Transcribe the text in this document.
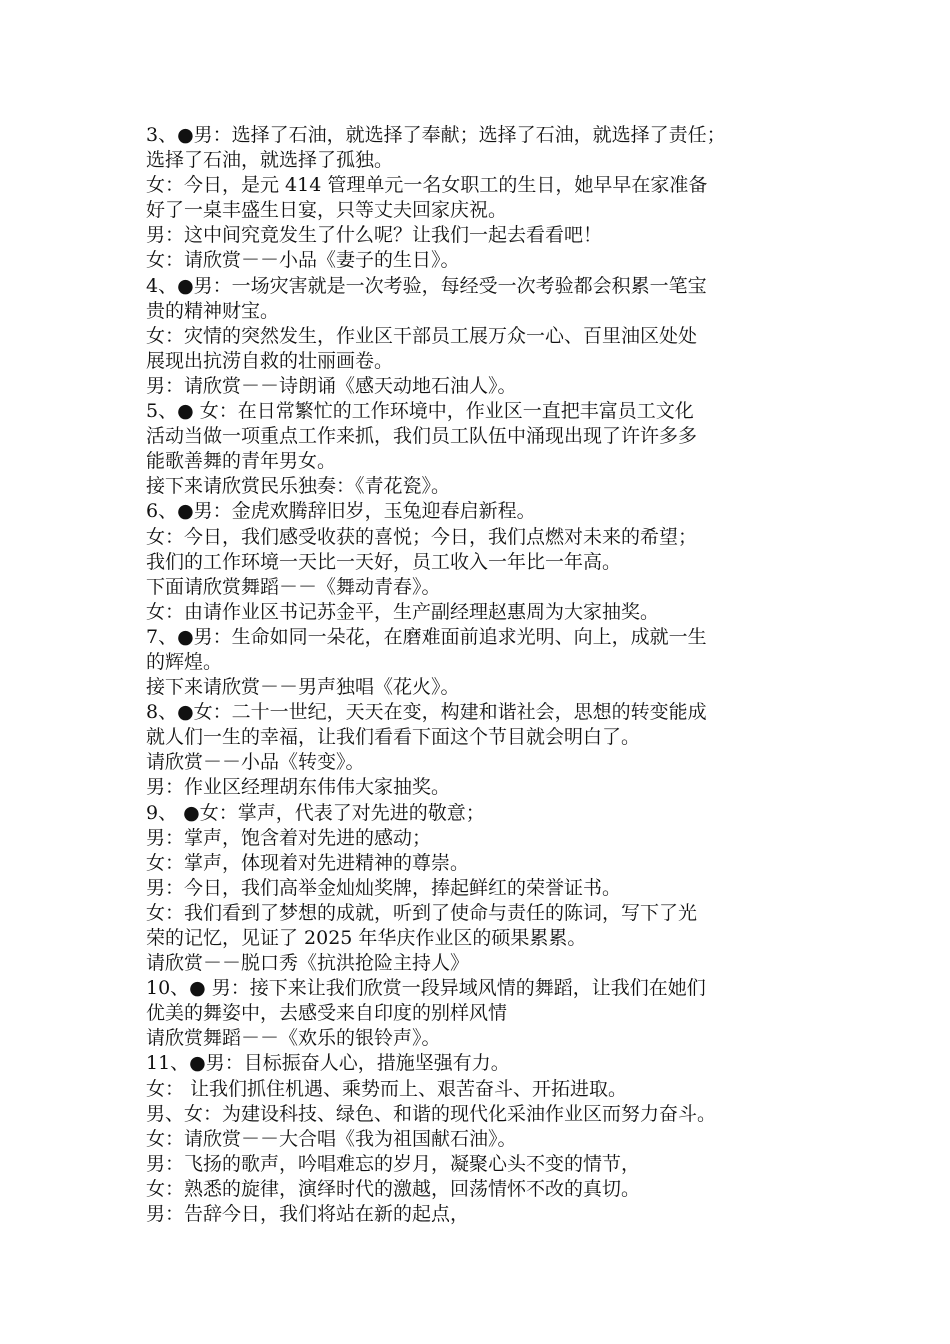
3、●男：选择了石油，就选择了奉献；选择了石油，就选择了责任；
选择了石油，就选择了孤独。
女：今日，是元 414 管理单元一名女职工的生日，她早早在家准备
好了一桌丰盛生日宴，只等丈夫回家庆祝。
男：这中间究竟发生了什么呢？让我们一起去看看吧！
女：请欣赏－－小品《妻子的生日》。
4、●男：一场灾害就是一次考验，每经受一次考验都会积累一笔宝
贵的精神财宝。
女：灾情的突然发生，作业区干部员工展万众一心、百里油区处处
展现出抗涝自救的壮丽画卷。
男：请欣赏－－诗朗诵《感天动地石油人》。
5、● 女：在日常繁忙的工作环境中，作业区一直把丰富员工文化
活动当做一项重点工作来抓，我们员工队伍中涌现出现了许许多多
能歌善舞的青年男女。
接下来请欣赏民乐独奏：《青花瓷》。
6、●男：金虎欢腾辞旧岁，玉兔迎春启新程。
女：今日，我们感受收获的喜悦；今日，我们点燃对未来的希望；
我们的工作环境一天比一天好，员工收入一年比一年高。
下面请欣赏舞蹈－－《舞动青春》。
女：由请作业区书记苏金平，生产副经理赵惠周为大家抽奖。
7、●男：生命如同一朵花，在磨难面前追求光明、向上，成就一生
的辉煌。
接下来请欣赏－－男声独唱《花火》。
8、●女：二十一世纪，天天在变，构建和谐社会，思想的转变能成
就人们一生的幸福，让我们看看下面这个节目就会明白了。
请欣赏－－小品《转变》。
男：作业区经理胡东伟伟大家抽奖。
9、 ●女：掌声，代表了对先进的敬意；
男：掌声，饱含着对先进的感动；
女：掌声，体现着对先进精神的尊崇。
男：今日，我们高举金灿灿奖牌，捧起鲜红的荣誉证书。
女：我们看到了梦想的成就，听到了使命与责任的陈词，写下了光
荣的记忆，见证了 2025 年华庆作业区的硕果累累。
请欣赏－－脱口秀《抗洪抢险主持人》
10、● 男：接下来让我们欣赏一段异域风情的舞蹈，让我们在她们
优美的舞姿中，去感受来自印度的别样风情
请欣赏舞蹈－－《欢乐的银铃声》。
11、●男：目标振奋人心，措施坚强有力。
女： 让我们抓住机遇、乘势而上、艰苦奋斗、开拓进取。
男、女：为建设科技、绿色、和谐的现代化采油作业区而努力奋斗。
女：请欣赏－－大合唱《我为祖国献石油》。
男：飞扬的歌声，吟唱难忘的岁月，凝聚心头不变的情节，
女：熟悉的旋律，演绎时代的激越，回荡情怀不改的真切。
男：告辞今日，我们将站在新的起点，
